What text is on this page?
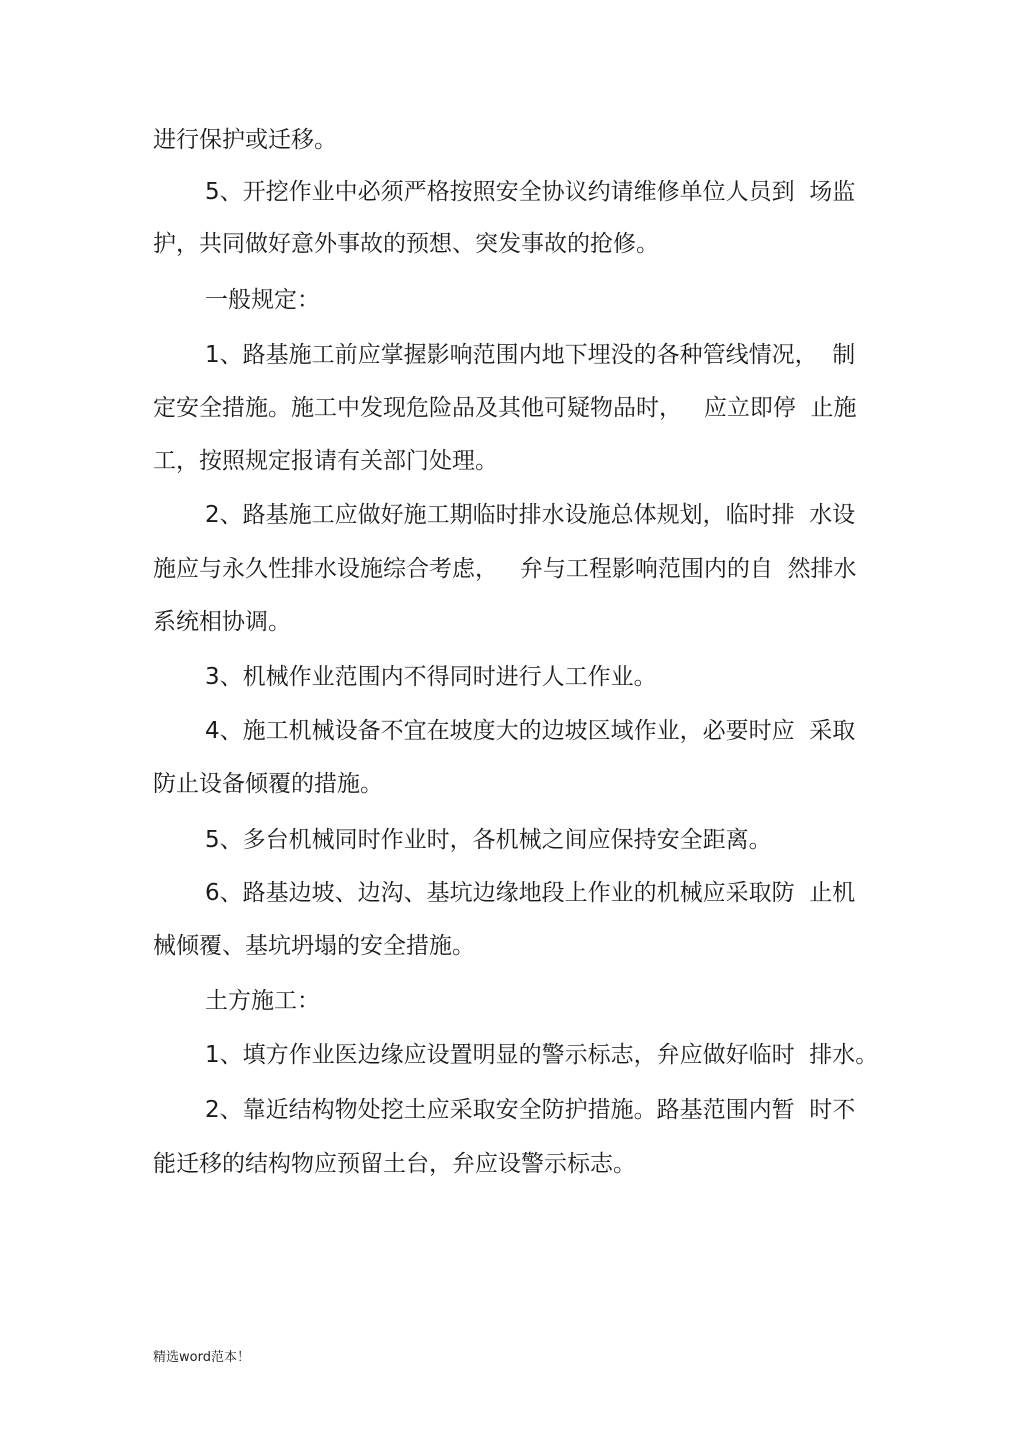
进行保护或迁移。
5、开挖作业中必须严格按照安全协议约请维修单位人员到  场监
护，共同做好意外事故的预想、突发事故的抢修。
一般规定：
1、路基施工前应掌握影响范围内地下埋没的各种管线情况，  制
定安全措施。施工中发现危险品及其他可疑物品时，   应立即停  止施
工，按照规定报请有关部门处理。
2、路基施工应做好施工期临时排水设施总体规划，临时排  水设
施应与永久性排水设施综合考虑，   弁与工程影响范围内的自  然排水
系统相协调。
3、机械作业范围内不得同时进行人工作业。
4、施工机械设备不宜在坡度大的边坡区域作业，必要时应  采取
防止设备倾覆的措施。
5、多台机械同时作业时，各机械之间应保持安全距离。
6、路基边坡、边沟、基坑边缘地段上作业的机械应采取防  止机
械倾覆、基坑坍塌的安全措施。
土方施工：
1、填方作业医边缘应设置明显的警示标志，弁应做好临时  排水。
2、靠近结构物处挖土应采取安全防护措施。路基范围内暂  时不
能迁移的结构物应预留土台，弁应设警示标志。
精选word范本！
